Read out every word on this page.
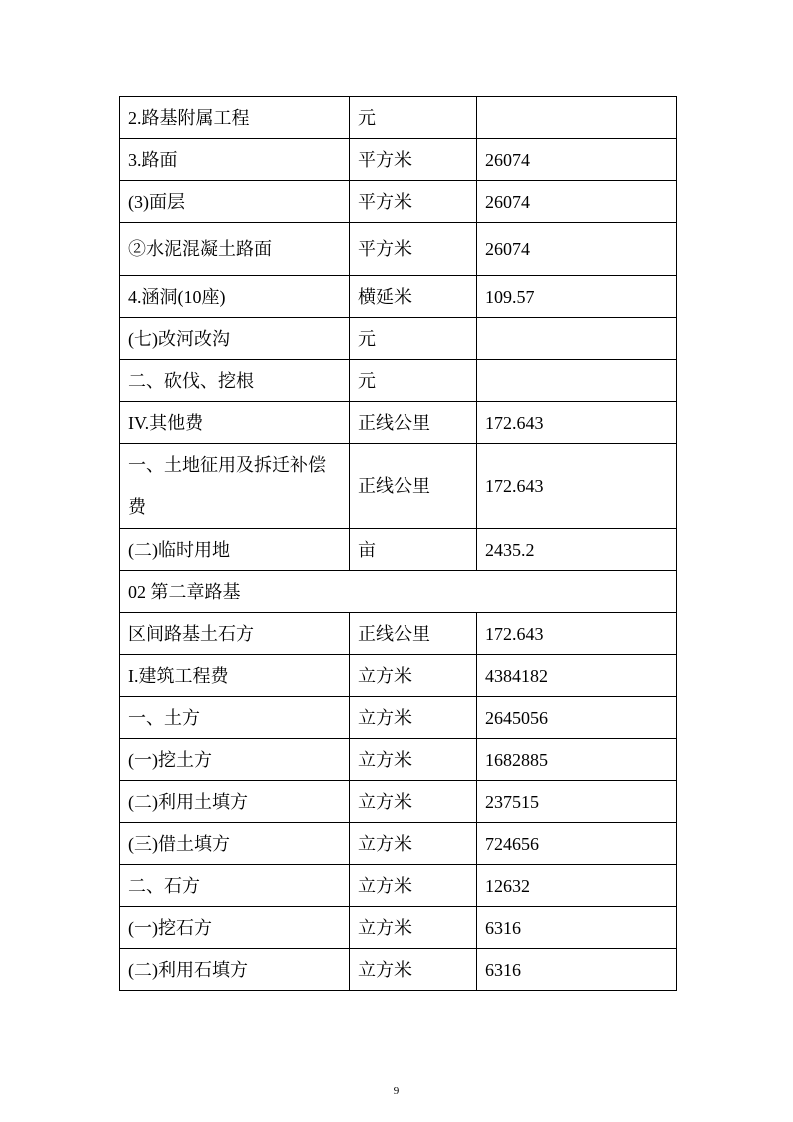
2.路基附属工程	元	
3.路面	平方米	26074
(3)面层	平方米	26074
②水泥混凝土路面	平方米	26074
4.涵洞(10座)	横延米	109.57
(七)改河改沟	元	
二、砍伐、挖根	元	
IV.其他费	正线公里	172.643
一、土地征用及拆迁补偿费	正线公里	172.643
(二)临时用地	亩	2435.2
02 第二章路基		
区间路基土石方	正线公里	172.643
I.建筑工程费	立方米	4384182
一、土方	立方米	2645056
(一)挖土方	立方米	1682885
(二)利用土填方	立方米	237515
(三)借土填方	立方米	724656
二、石方	立方米	12632
(一)挖石方	立方米	6316
(二)利用石填方	立方米	6316
9
